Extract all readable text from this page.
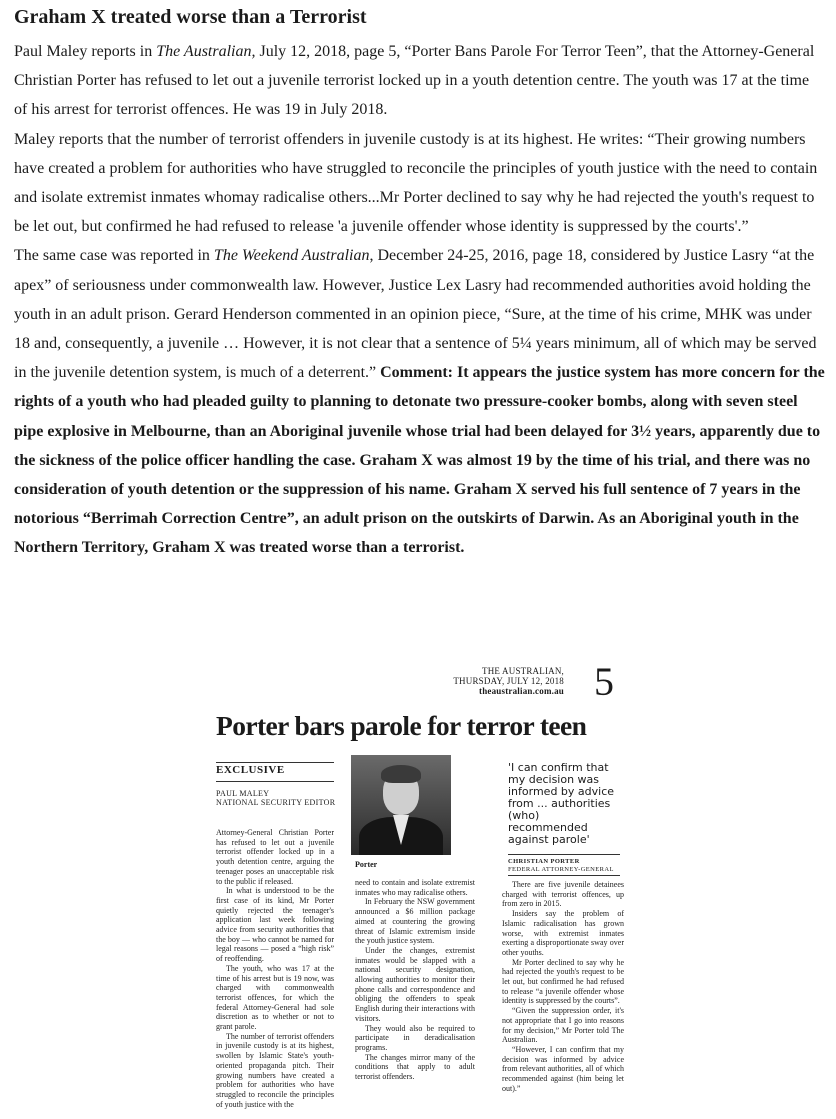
Graham X treated worse than a Terrorist

Paul Maley reports in The Australian, July 12, 2018, page 5, “Porter Bans Parole For Terror Teen”, that the Attorney-General Christian Porter has refused to let out a juvenile terrorist locked up in a youth detention centre. The youth was 17 at the time of his arrest for terrorist offences. He was 19 in July 2018.

Maley reports that the number of terrorist offenders in juvenile custody is at its highest. He writes: “Their growing numbers have created a problem for authorities who have struggled to reconcile the principles of youth justice with the need to contain and isolate extremist inmates whomay radicalise others...Mr Porter declined to say why he had rejected the youth's request to be let out, but confirmed he had refused to release 'a juvenile offender whose identity is suppressed by the courts'.”

The same case was reported in The Weekend Australian, December 24-25, 2016, page 18, considered by Justice Lasry “at the apex” of seriousness under commonwealth law. However, Justice Lex Lasry had recommended authorities avoid holding the youth in an adult prison. Gerard Henderson commented in an opinion piece, “Sure, at the time of his crime, MHK was under 18 and, consequently, a juvenile … However, it is not clear that a sentence of 5¼ years minimum, all of which may be served in the juvenile detention system, is much of a deterrent.” Comment: It appears the justice system has more concern for the rights of a youth who had pleaded guilty to planning to detonate two pressure-cooker bombs, along with seven steel pipe explosive in Melbourne, than an Aboriginal juvenile whose trial had been delayed for 3½ years, apparently due to the sickness of the police officer handling the case. Graham X was almost 19 by the time of his trial, and there was no consideration of youth detention or the suppression of his name. Graham X served his full sentence of 7 years in the notorious “Berrimah Correction Centre”, an adult prison on the outskirts of Darwin. As an Aboriginal youth in the Northern Territory, Graham X was treated worse than a terrorist.

THE AUSTRALIAN,
THURSDAY, JULY 12, 2018
theaustralian.com.au 5
Porter bars parole for terror teen
EXCLUSIVE
PAUL MALEY
NATIONAL SECURITY EDITOR
Porter
'I can confirm that my decision was informed by advice from ... authorities (who) recommended against parole'
CHRISTIAN PORTER
FEDERAL ATTORNEY-GENERAL

Attorney-General Christian Porter has refused to let out a juvenile terrorist offender locked up in a youth detention centre, arguing the teenager poses an unacceptable risk to the public if released.

In what is understood to be the first case of its kind, Mr Porter quietly rejected the teenager's application last week following advice from security authorities that the boy — who cannot be named for legal reasons — posed a “high risk” of reoffending.

The youth, who was 17 at the time of his arrest but is 19 now, was charged with commonwealth terrorist offences, for which the federal Attorney-General had sole discretion as to whether or not to grant parole.

The number of terrorist offenders in juvenile custody is at its highest, swollen by Islamic State's youth-oriented propaganda pitch. Their growing numbers have created a problem for authorities who have struggled to reconcile the principles of youth justice with the

need to contain and isolate extremist inmates who may radicalise others.

In February the NSW government announced a $6 million package aimed at countering the growing threat of Islamic extremism inside the youth justice system.

Under the changes, extremist inmates would be slapped with a national security designation, allowing authorities to monitor their phone calls and correspondence and obliging the offenders to speak English during their interactions with visitors.

They would also be required to participate in deradicalisation programs.

The changes mirror many of the conditions that apply to adult terrorist offenders.

There are five juvenile detainees charged with terrorist offences, up from zero in 2015.

Insiders say the problem of Islamic radicalisation has grown worse, with extremist inmates exerting a disproportionate sway over other youths.

Mr Porter declined to say why he had rejected the youth's request to be let out, but confirmed he had refused to release “a juvenile offender whose identity is suppressed by the courts”.

“Given the suppression order, it's not appropriate that I go into reasons for my decision,” Mr Porter told The Australian.

“However, I can confirm that my decision was informed by advice from relevant authorities, all of which recommended against (him being let out).”
